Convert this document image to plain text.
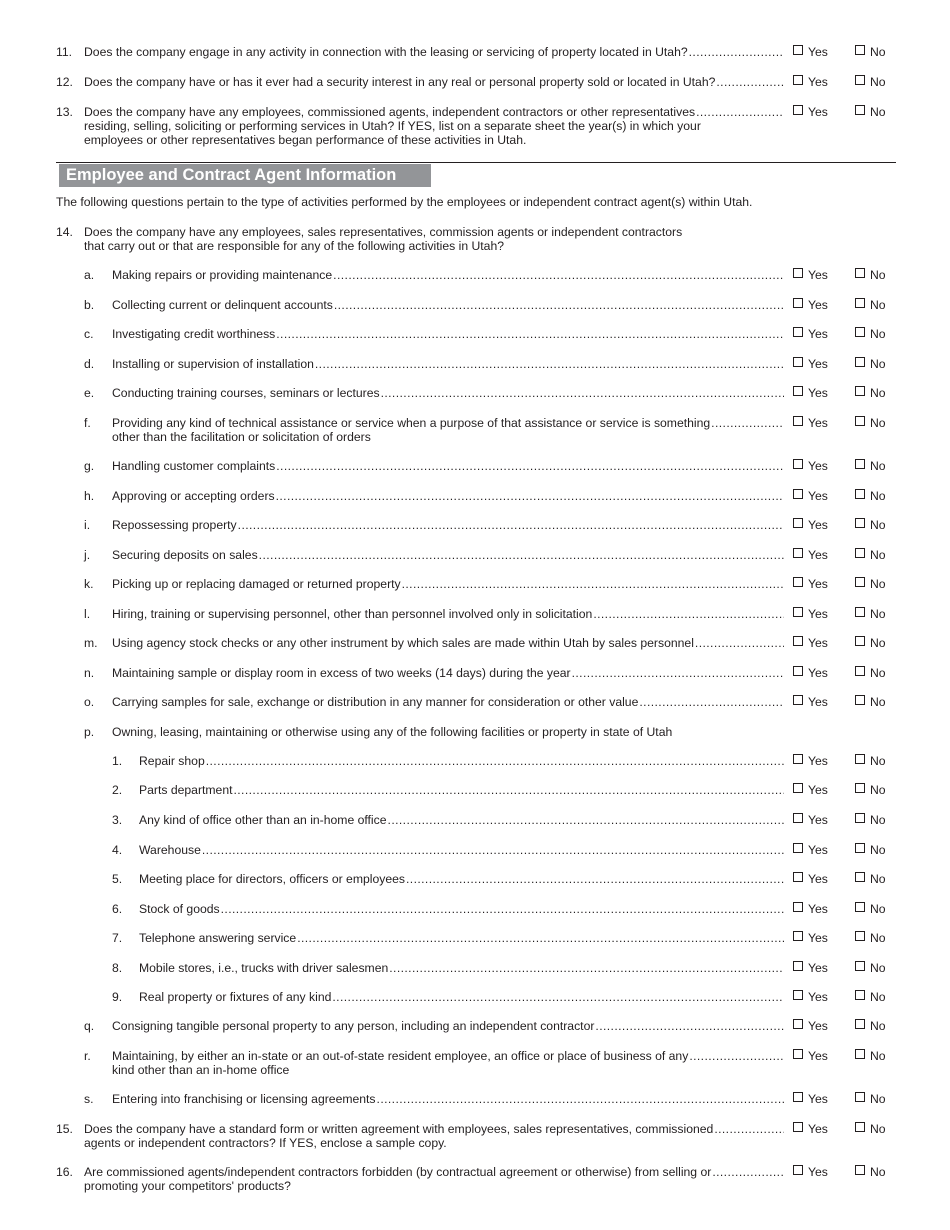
11. Does the company engage in any activity in connection with the leasing or servicing of property located in Utah? .....	Yes	No
12. Does the company have or has it ever had a security interest in any real or personal property sold or located in Utah? .....	Yes	No
13. Does the company have any employees, commissioned agents, independent contractors or other representatives
.....
residing, selling, soliciting or performing services in Utah? If YES, list on a separate sheet the year(s) in which your
employees or other representatives began performance of these activities in Utah.
Yes	No
Employee and Contract Agent Information
The following questions pertain to the type of activities performed by the employees or independent contract agent(s) within Utah.
14. Does the company have any employees, sales representatives, commission agents or independent contractors
that carry out or that are responsible for any of the following activities in Utah?
p. Owning, leasing, maintaining or otherwise using any of the following facilities or property in state of Utah
a. Making repairs or providing maintenance .....	Yes	No
b. Collecting current or delinquent accounts .....	Yes	No
c. Investigating credit worthiness .....	Yes	No
d. Installing or supervision of installation .....	Yes	No
e. Conducting training courses, seminars or lectures .....	Yes	No
f. Providing any kind of technical assistance or service when a purpose of that assistance or service is something
.....
other than the facilitation or solicitation of orders
Yes	No
g. Handling customer complaints .....	Yes	No
h. Approving or accepting orders .....	Yes	No
i. Repossessing property .....	Yes	No
j. Securing deposits on sales .....	Yes	No
k. Picking up or replacing damaged or returned property .....	Yes	No
l. Hiring, training or supervising personnel, other than personnel involved only in solicitation .....	Yes	No
m. Using agency stock checks or any other instrument by which sales are made within Utah by sales personnel .....	Yes	No
n. Maintaining sample or display room in excess of two weeks (14 days) during the year .....	Yes	No
o. Carrying samples for sale, exchange or distribution in any manner for consideration or other value .....	Yes	No
1. Repair shop .....	Yes	No
2. Parts department .....	Yes	No
3. Any kind of office other than an in-home office .....	Yes	No
4. Warehouse .....	Yes	No
5. Meeting place for directors, officers or employees .....	Yes	No
6. Stock of goods .....	Yes	No
7. Telephone answering service .....	Yes	No
8. Mobile stores, i.e., trucks with driver salesmen .....	Yes	No
9. Real property or fixtures of any kind .....	Yes	No
q. Consigning tangible personal property to any person, including an independent contractor .....	Yes	No
r. Maintaining, by either an in-state or an out-of-state resident employee, an office or place of business of any
.....
kind other than an in-home office
Yes	No
s. Entering into franchising or licensing agreements .....	Yes	No
15. Does the company have a standard form or written agreement with employees, sales representatives, commissioned
.....
agents or independent contractors? If YES, enclose a sample copy.
Yes	No
16. Are commissioned agents/independent contractors forbidden (by contractual agreement or otherwise) from selling or
.....
promoting your competitors' products?
Yes	No
